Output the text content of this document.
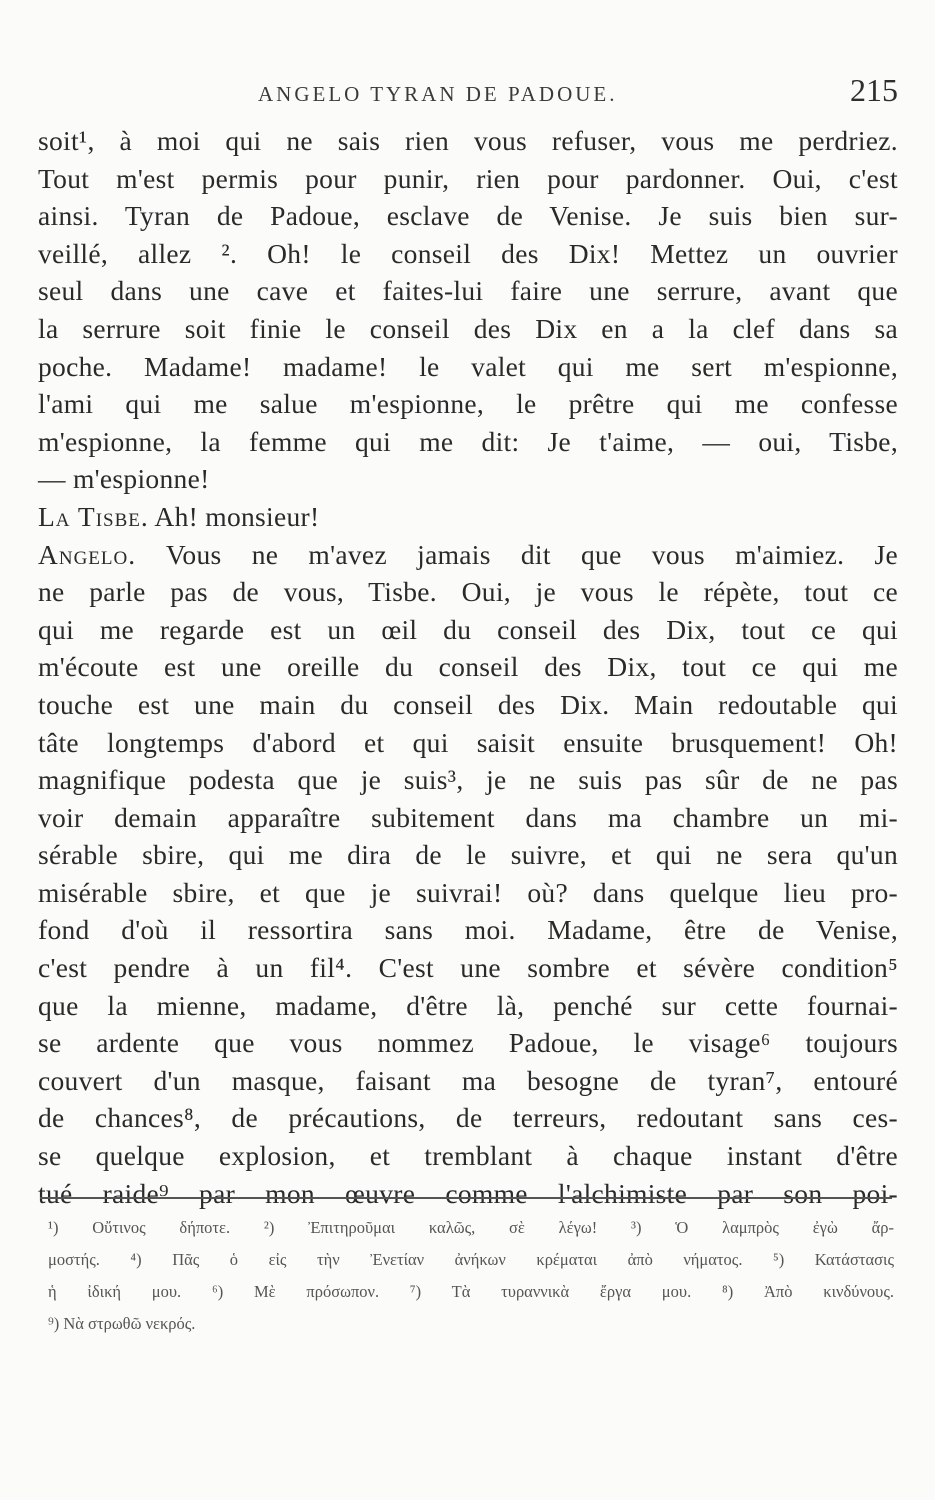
ANGELO TYRAN DE PADOUE.	215
soit¹, à moi qui ne sais rien vous refuser, vous me perdriez.
Tout m'est permis pour punir, rien pour pardonner. Oui, c'est
ainsi. Tyran de Padoue, esclave de Venise. Je suis bien sur-
veillé, allez ². Oh! le conseil des Dix! Mettez un ouvrier
seul dans une cave et faites-lui faire une serrure, avant que
la serrure soit finie le conseil des Dix en a la clef dans sa
poche. Madame! madame! le valet qui me sert m'espionne,
l'ami qui me salue m'espionne, le prêtre qui me confesse
m'espionne, la femme qui me dit: Je t'aime, — oui, Tisbe,
— m'espionne!
La Tisbe. Ah! monsieur!
Angelo. Vous ne m'avez jamais dit que vous m'aimiez. Je
ne parle pas de vous, Tisbe. Oui, je vous le répète, tout ce
qui me regarde est un œil du conseil des Dix, tout ce qui
m'écoute est une oreille du conseil des Dix, tout ce qui me
touche est une main du conseil des Dix. Main redoutable qui
tâte longtemps d'abord et qui saisit ensuite brusquement! Oh!
magnifique podesta que je suis³, je ne suis pas sûr de ne pas
voir demain apparaître subitement dans ma chambre un mi-
sérable sbire, qui me dira de le suivre, et qui ne sera qu'un
misérable sbire, et que je suivrai! où? dans quelque lieu pro-
fond d'où il ressortira sans moi. Madame, être de Venise,
c'est pendre à un fil⁴. C'est une sombre et sévère condition⁵
que la mienne, madame, d'être là, penché sur cette fournai-
se ardente que vous nommez Padoue, le visage⁶ toujours
couvert d'un masque, faisant ma besogne de tyran⁷, entouré
de chances⁸, de précautions, de terreurs, redoutant sans ces-
se quelque explosion, et tremblant à chaque instant d'être
tué raide⁹ par mon œuvre comme l'alchimiste par son poi-
¹) Οὔτινος δήποτε. ²) Ἐπιτηροῦμαι καλῶς, σὲ λέγω! ³) Ὁ λαμπρὸς ἐγὼ ἄρ-
μοστής. ⁴) Πᾶς ὁ εἰς τὴν Ἐνετίαν ἀνήκων κρέμαται ἀπὸ νήματος. ⁵) Κατάστασις
ἡ ἰδική μου. ⁶) Μὲ πρόσωπον. ⁷) Τὰ τυραννικὰ ἔργα μου. ⁸) Ἀπὸ κινδύνους.
⁹) Νὰ στρωθῶ νεκρός.
